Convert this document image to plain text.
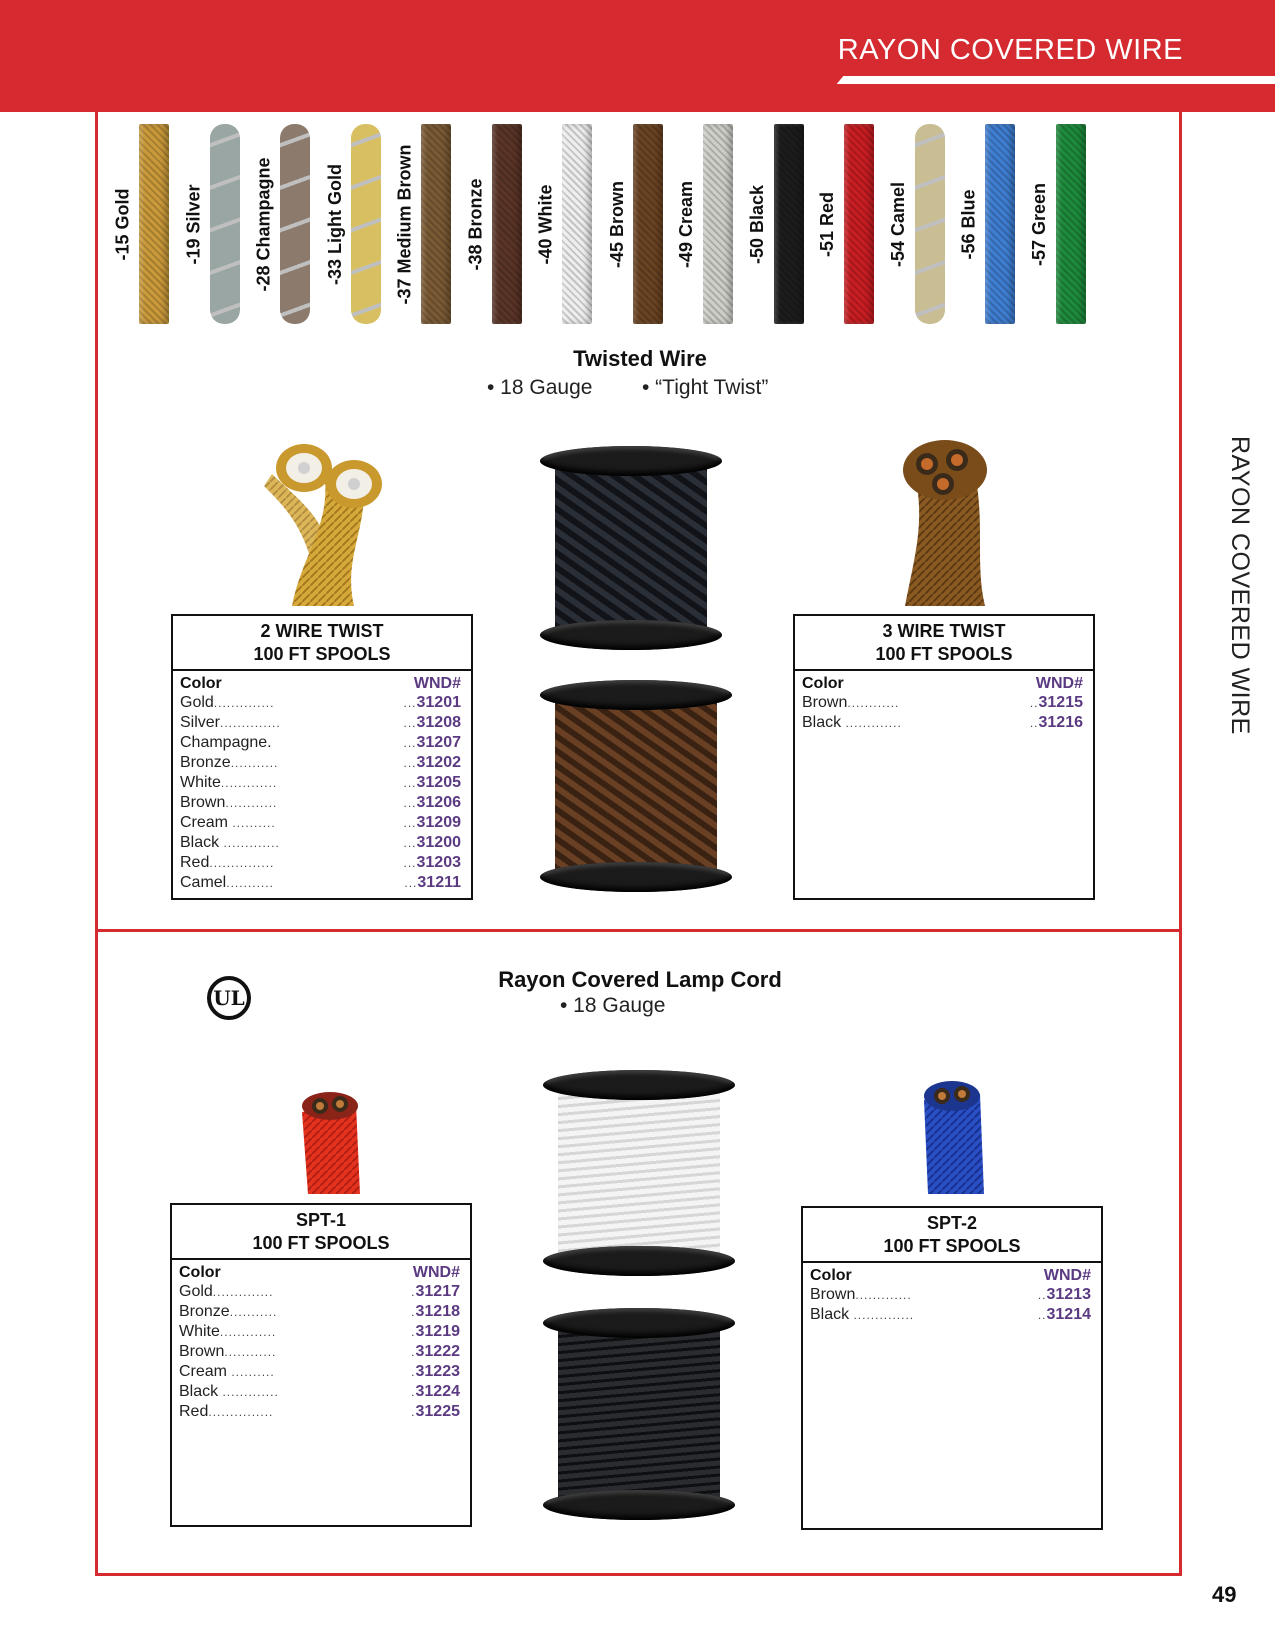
RAYON COVERED WIRE
RAYON COVERED WIRE
-15 Gold	-19 Silver	-28 Champagne	-33 Light Gold	-37 Medium Brown	-38 Bronze	-40 White	-45 Brown	-49 Cream	-50 Black	-51 Red	-54 Camel	-56 Blue	-57 Green
Twisted Wire
• 18 Gauge • “Tight Twist”
2 WIRE TWIST
100 FT SPOOLS
Color	WND#
Gold..............	...31201
Silver..............	...31208
Champagne.	...31207
Bronze...........	...31202
White.............	...31205
Brown............	...31206
Cream ..........	...31209
Black .............	...31200
Red...............	...31203
Camel...........	...31211
3 WIRE TWIST
100 FT SPOOLS
Color	WND#
Brown............	..31215
Black .............	..31216
UL
Rayon Covered Lamp Cord
• 18 Gauge
SPT-1
100 FT SPOOLS
Color	WND#
Gold..............	.31217
Bronze...........	.31218
White.............	.31219
Brown............	.31222
Cream ..........	.31223
Black .............	.31224
Red...............	.31225
SPT-2
100 FT SPOOLS
Color	WND#
Brown.............	..31213
Black ..............	..31214
49
